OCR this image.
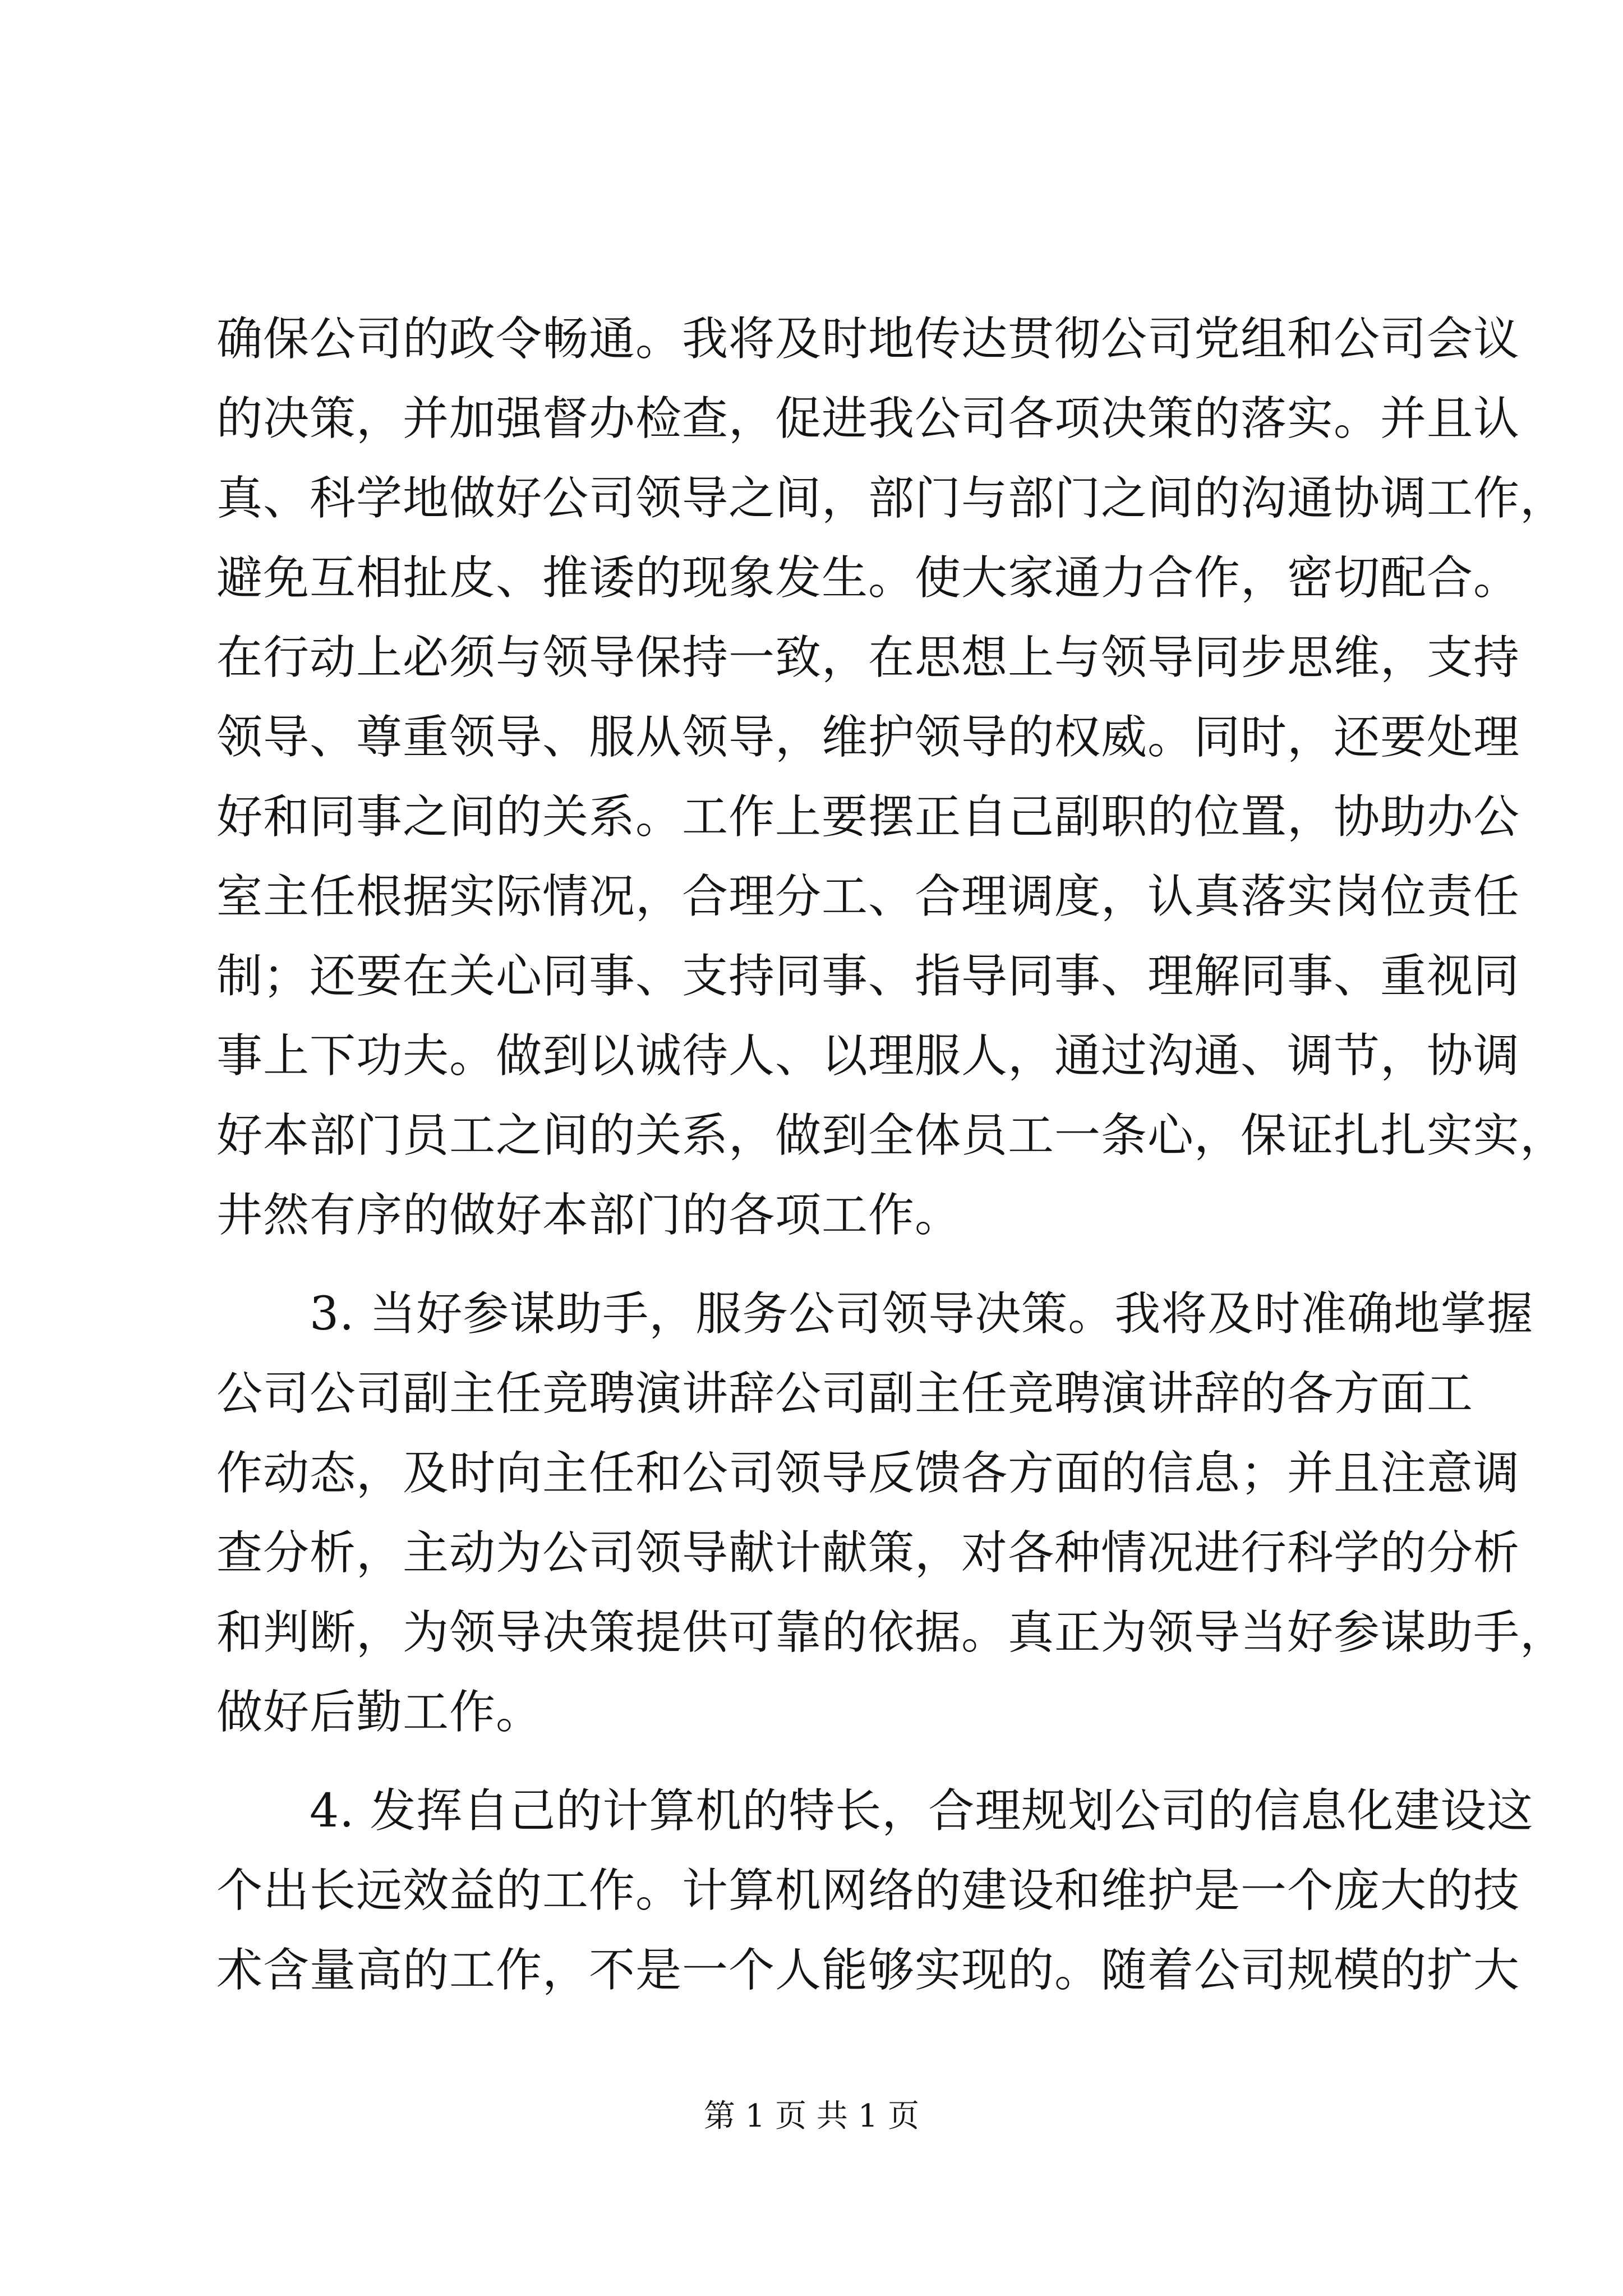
确保公司的政令畅通。我将及时地传达贯彻公司党组和公司会议
的决策，并加强督办检查，促进我公司各项决策的落实。并且认
真、科学地做好公司领导之间，部门与部门之间的沟通协调工作，
避免互相扯皮、推诿的现象发生。使大家通力合作，密切配合。
在行动上必须与领导保持一致，在思想上与领导同步思维，支持
领导、尊重领导、服从领导，维护领导的权威。同时，还要处理
好和同事之间的关系。工作上要摆正自己副职的位置，协助办公
室主任根据实际情况，合理分工、合理调度，认真落实岗位责任
制；还要在关心同事、支持同事、指导同事、理解同事、重视同
事上下功夫。做到以诚待人、以理服人，通过沟通、调节，协调
好本部门员工之间的关系，做到全体员工一条心，保证扎扎实实，
井然有序的做好本部门的各项工作。
　　3. 当好参谋助手，服务公司领导决策。我将及时准确地掌握
公司公司副主任竞聘演讲辞公司副主任竞聘演讲辞的各方面工
作动态，及时向主任和公司领导反馈各方面的信息；并且注意调
查分析，主动为公司领导献计献策，对各种情况进行科学的分析
和判断，为领导决策提供可靠的依据。真正为领导当好参谋助手，
做好后勤工作。
　　4. 发挥自己的计算机的特长，合理规划公司的信息化建设这
个出长远效益的工作。计算机网络的建设和维护是一个庞大的技
术含量高的工作，不是一个人能够实现的。随着公司规模的扩大
第 1 页 共 1 页
